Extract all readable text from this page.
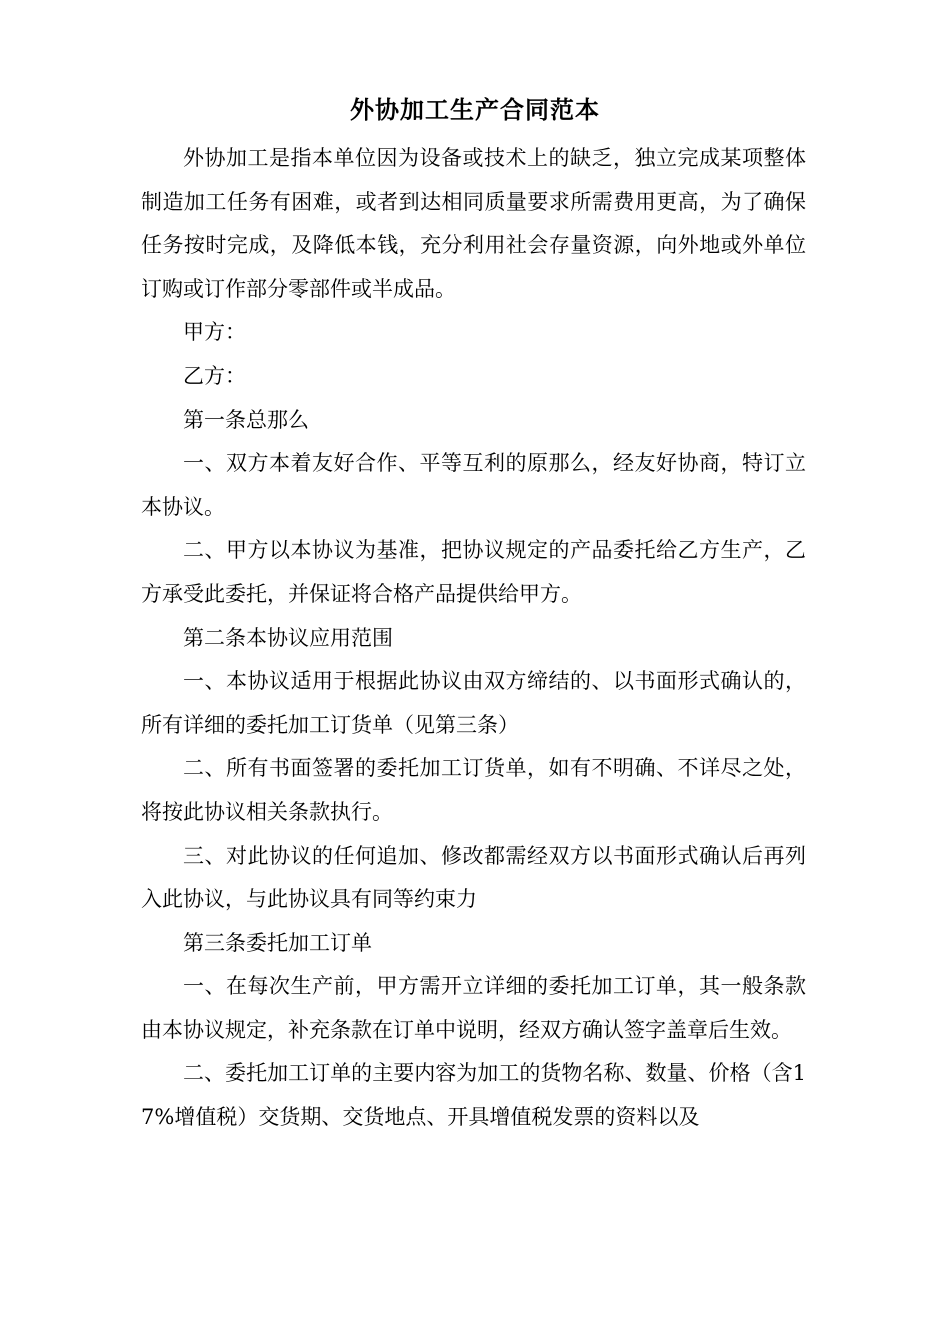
外协加工生产合同范本

外协加工是指本单位因为设备或技术上的缺乏，独立完成某项整体制造加工任务有困难，或者到达相同质量要求所需费用更高，为了确保任务按时完成，及降低本钱，充分利用社会存量资源，向外地或外单位订购或订作部分零部件或半成品。

甲方：

乙方：

第一条总那么

一、双方本着友好合作、平等互利的原那么，经友好协商，特订立本协议。

二、甲方以本协议为基准，把协议规定的产品委托给乙方生产，乙方承受此委托，并保证将合格产品提供给甲方。

第二条本协议应用范围

一、本协议适用于根据此协议由双方缔结的、以书面形式确认的，所有详细的委托加工订货单（见第三条）

二、所有书面签署的委托加工订货单，如有不明确、不详尽之处，将按此协议相关条款执行。

三、对此协议的任何追加、修改都需经双方以书面形式确认后再列入此协议，与此协议具有同等约束力

第三条委托加工订单

一、在每次生产前，甲方需开立详细的委托加工订单，其一般条款由本协议规定，补充条款在订单中说明，经双方确认签字盖章后生效。

二、委托加工订单的主要内容为加工的货物名称、数量、价格（含17%增值税）交货期、交货地点、开具增值税发票的资料以及
